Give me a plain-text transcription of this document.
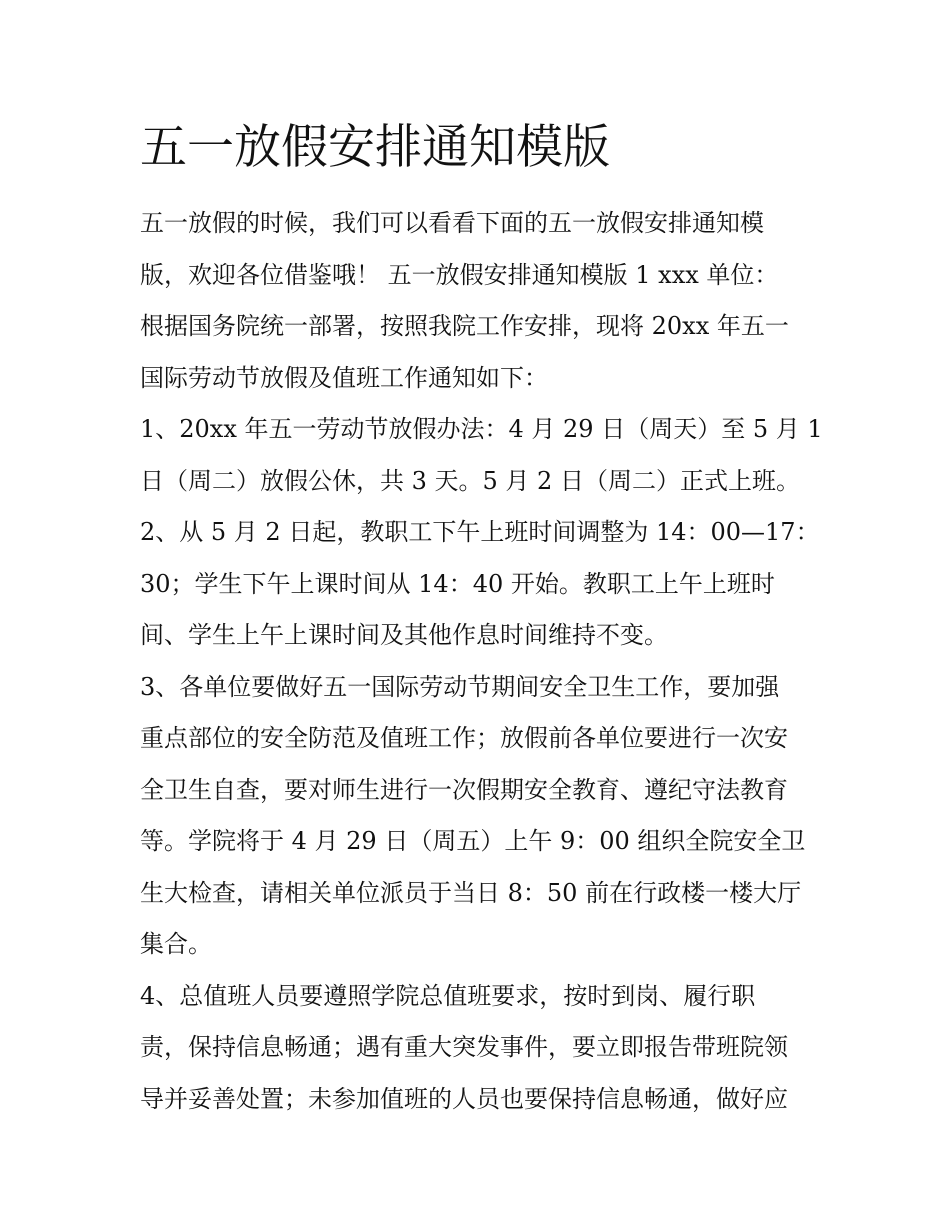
五一放假安排通知模版
五一放假的时候，我们可以看看下面的五一放假安排通知模
版，欢迎各位借鉴哦！ 五一放假安排通知模版 1 xxx 单位：
根据国务院统一部署，按照我院工作安排，现将 20xx 年五一
国际劳动节放假及值班工作通知如下：
1、20xx 年五一劳动节放假办法：4 月 29 日（周天）至 5 月 1
日（周二）放假公休，共 3 天。5 月 2 日（周二）正式上班。
2、从 5 月 2 日起，教职工下午上班时间调整为 14：00—17：
30；学生下午上课时间从 14：40 开始。教职工上午上班时
间、学生上午上课时间及其他作息时间维持不变。
3、各单位要做好五一国际劳动节期间安全卫生工作，要加强
重点部位的安全防范及值班工作；放假前各单位要进行一次安
全卫生自查，要对师生进行一次假期安全教育、遵纪守法教育
等。学院将于 4 月 29 日（周五）上午 9：00 组织全院安全卫
生大检查，请相关单位派员于当日 8：50 前在行政楼一楼大厅
集合。
4、总值班人员要遵照学院总值班要求，按时到岗、履行职
责，保持信息畅通；遇有重大突发事件，要立即报告带班院领
导并妥善处置；未参加值班的人员也要保持信息畅通，做好应
